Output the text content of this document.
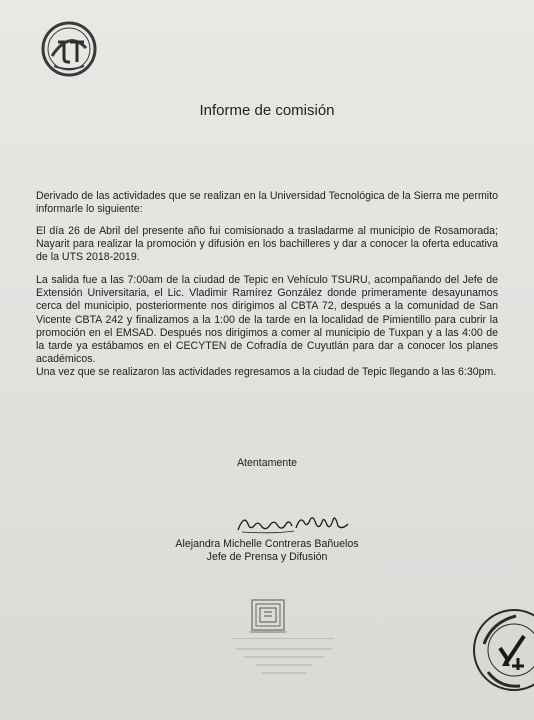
Informe de comisión

Derivado de las actividades que se realizan en la Universidad Tecnológica de la Sierra me permito informarle lo siguiente:

El día 26 de Abril del presente año fui comisionado a trasladarme al municipio de Rosamorada; Nayarit para realizar la promoción y difusión en los bachilleres y dar a conocer la oferta educativa de la UTS 2018-2019.

La salida fue a las 7:00am de la ciudad de Tepic en Vehículo TSURU, acompañando del Jefe de Extensión Universitaria, el Lic. Vladimir Ramírez González donde primeramente desayunamos cerca del municipio, posteriormente nos dirigimos al CBTA 72, después a la comunidad de San Vicente CBTA 242 y finalizamos a la 1:00 de la tarde en la localidad de Pimientillo para cubrir la promoción en el EMSAD. Después nos dirigimos a comer al municipio de Tuxpan y a las 4:00 de la tarde ya estábamos en el CECYTEN de Cofradía de Cuyutlán para dar a conocer los planes académicos.
Una vez que se realizaron las actividades regresamos a la ciudad de Tepic llegando a las 6:30pm.

Atentamente
Alejandra Michelle Contreras Bañuelos
Jefe de Prensa y Difusión
